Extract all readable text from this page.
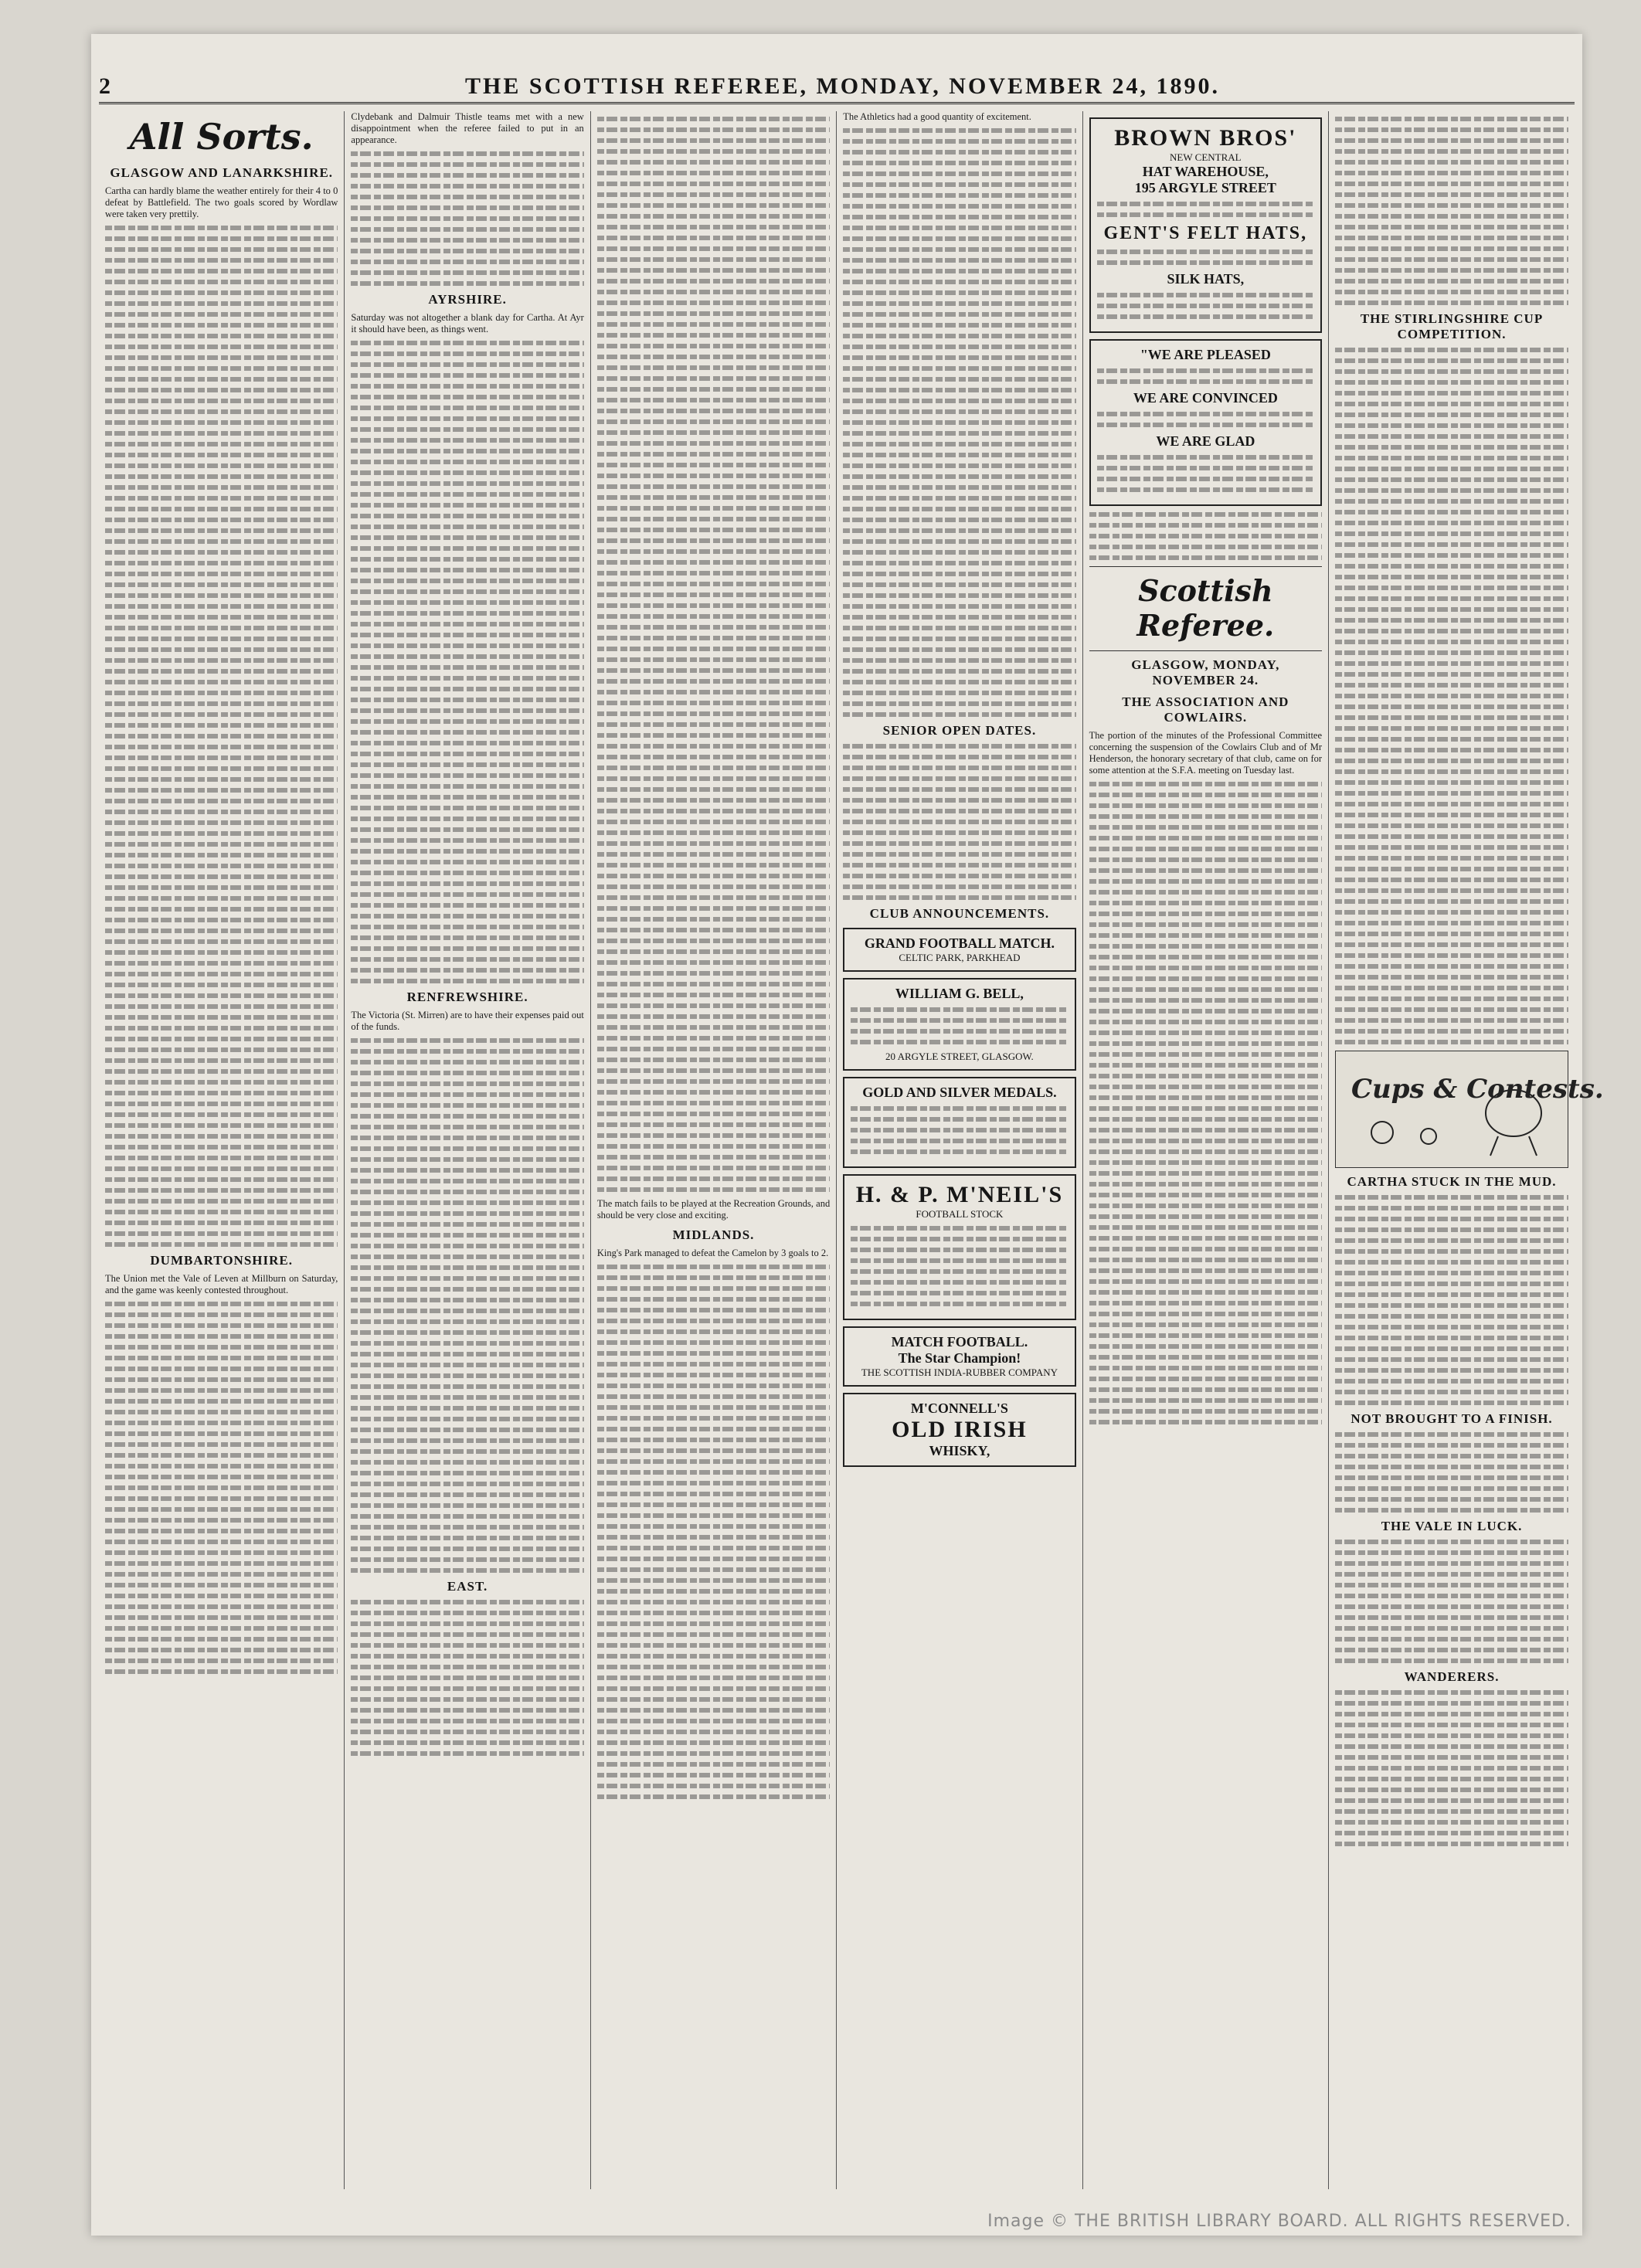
2	THE SCOTTISH REFEREE, MONDAY, NOVEMBER 24, 1890.
All Sorts.
GLASGOW AND LANARKSHIRE.
Cartha can hardly blame the weather entirely for their 4 to 0 defeat by Battlefield. The two goals scored by Wordlaw were taken very prettily.
DUMBARTONSHIRE.
The Union met the Vale of Leven at Millburn on Saturday, and the game was keenly contested throughout.
Clydebank and Dalmuir Thistle teams met with a new disappointment when the referee failed to put in an appearance.
AYRSHIRE.
Saturday was not altogether a blank day for Cartha. At Ayr it should have been, as things went.
RENFREWSHIRE.
The Victoria (St. Mirren) are to have their expenses paid out of the funds.
EAST.
The match fails to be played at the Recreation Grounds, and should be very close and exciting.
MIDLANDS.
King's Park managed to defeat the Camelon by 3 goals to 2.
The Athletics had a good quantity of excitement.
SENIOR OPEN DATES.
CLUB ANNOUNCEMENTS.
GRAND FOOTBALL MATCH.
CELTIC PARK, PARKHEAD
WILLIAM G. BELL,
20 ARGYLE STREET, GLASGOW.
GOLD AND SILVER MEDALS.
H. & P. M'NEIL'S
FOOTBALL STOCK
MATCH FOOTBALL.
The Star Champion!
THE SCOTTISH INDIA-RUBBER COMPANY
M'CONNELL'S
OLD IRISH
WHISKY,
BROWN BROS'
NEW CENTRAL
HAT WAREHOUSE,
195 ARGYLE STREET
GENT'S FELT HATS,
SILK HATS,
"WE ARE PLEASED
WE ARE CONVINCED
WE ARE GLAD
Scottish Referee.
GLASGOW, MONDAY, NOVEMBER 24.
THE ASSOCIATION AND COWLAIRS.
The portion of the minutes of the Professional Committee concerning the suspension of the Cowlairs Club and of Mr Henderson, the honorary secretary of that club, came on for some attention at the S.F.A. meeting on Tuesday last.
THE STIRLINGSHIRE CUP COMPETITION.
Cups & Contests.
CARTHA STUCK IN THE MUD.
NOT BROUGHT TO A FINISH.
THE VALE IN LUCK.
WANDERERS.
Image © THE BRITISH LIBRARY BOARD. ALL RIGHTS RESERVED.
